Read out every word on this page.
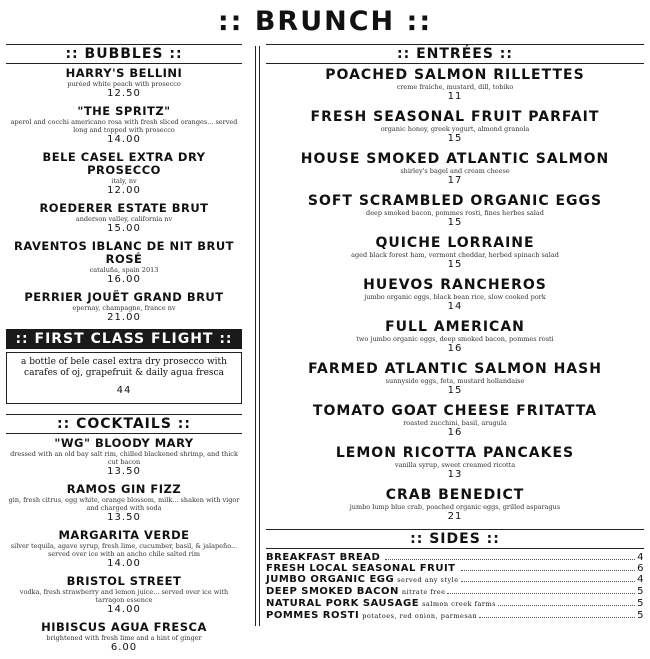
:: BRUNCH ::
:: BUBBLES ::
HARRY'S BELLINI
puréed white peach with prosecco
12.50
"THE SPRITZ"
aperol and cocchi americano rosa with fresh sliced oranges... served long and topped with prosecco
14.00
BELE CASEL EXTRA DRY PROSECCO
italy, nv
12.00
ROEDERER ESTATE BRUT
anderson valley, california nv
15.00
RAVENTOS IBLANC DE NIT BRUT ROSÉ
cataluña, spain 2013
16.00
PERRIER JOUËT GRAND BRUT
epernay, champagne, france nv
21.00
:: FIRST CLASS FLIGHT ::
a bottle of bele casel extra dry prosecco with carafes of oj, grapefruit & daily agua fresca
44
:: COCKTAILS ::
"WG" BLOODY MARY
dressed with an old bay salt rim, chilled blackened shrimp, and thick cut bacon
13.50
RAMOS GIN FIZZ
gin, fresh citrus, egg white, orange blossom, milk... shaken with vigor and charged with soda
13.50
MARGARITA VERDE
silver tequila, agave syrup, fresh lime, cucumber, basil, & jalapeño... served over ice with an ancho chile salted rim
14.00
BRISTOL STREET
vodka, fresh strawberry and lemon juice... served over ice with tarragon essence
14.00
HIBISCUS AGUA FRESCA
brightened with fresh lime and a hint of ginger
6.00
:: ENTRÉES ::
POACHED SALMON RILLETTES
creme fraiche, mustard, dill, tobiko
11
FRESH SEASONAL FRUIT PARFAIT
organic honey, greek yogurt, almond granola
15
HOUSE SMOKED ATLANTIC SALMON
shirley's bagel and cream cheese
17
SOFT SCRAMBLED ORGANIC EGGS
deep smoked bacon, pommes rosti, fines herbes salad
15
QUICHE LORRAINE
aged black forest ham, vermont cheddar, herbed spinach salad
15
HUEVOS RANCHEROS
jumbo organic eggs, black bean rice, slow cooked pork
14
FULL AMERICAN
two jumbo organic eggs, deep smoked bacon, pommes rosti
16
FARMED ATLANTIC SALMON HASH
sunnyside eggs, feta, mustard hollandaise
15
TOMATO GOAT CHEESE FRITATTA
roasted zucchini, basil, arugula
16
LEMON RICOTTA PANCAKES
vanilla syrup, sweet creamed ricotta
13
CRAB BENEDICT
jumbo lump blue crab, poached organic eggs, grilled asparagus
21
:: SIDES ::
BREAKFAST BREAD	4
FRESH LOCAL SEASONAL FRUIT	6
JUMBO ORGANIC EGG served any style	4
DEEP SMOKED BACON nitrate free	5
NATURAL PORK SAUSAGE salmon creek farms	5
POMMES ROSTI potatoes, red onion, parmesan	5
